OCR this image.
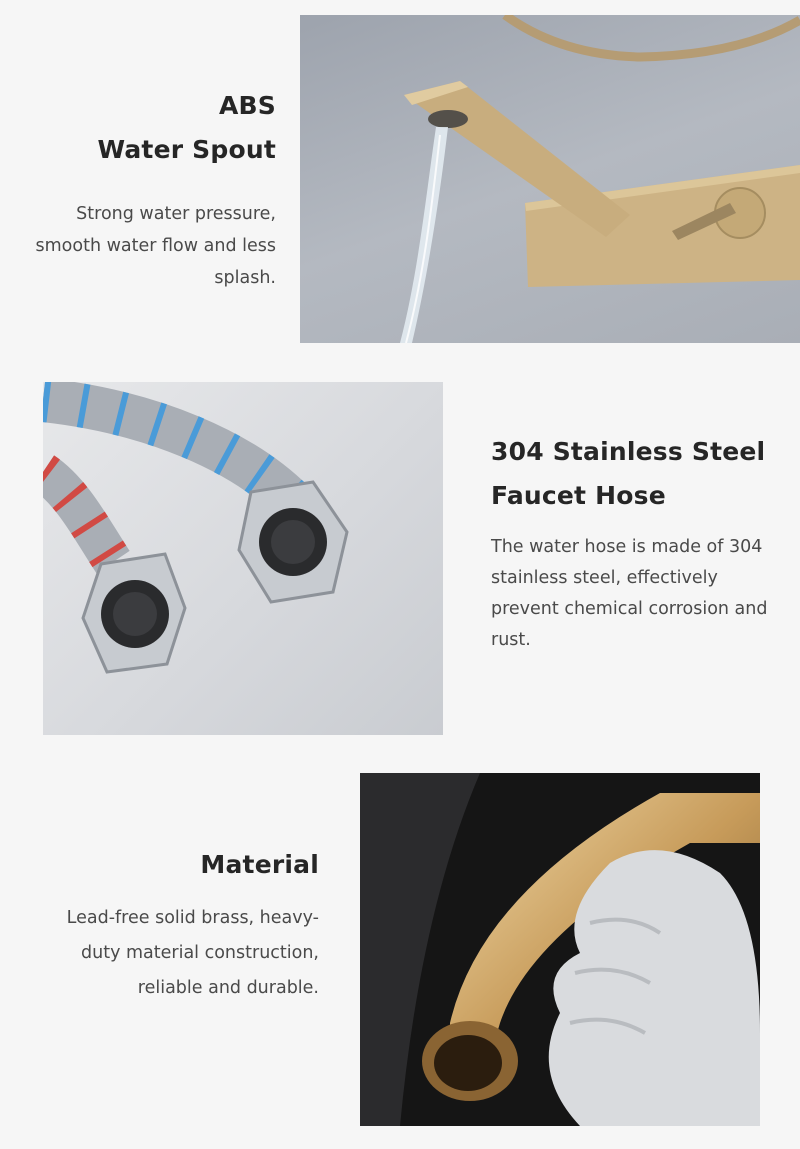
ABS
Water Spout
Strong water pressure, smooth water flow and less splash.
304 Stainless Steel
Faucet Hose
The water hose is made of 304 stainless steel, effectively prevent chemical corrosion and rust.
Material
Lead-free solid brass, heavy-duty material construction, reliable and durable.
